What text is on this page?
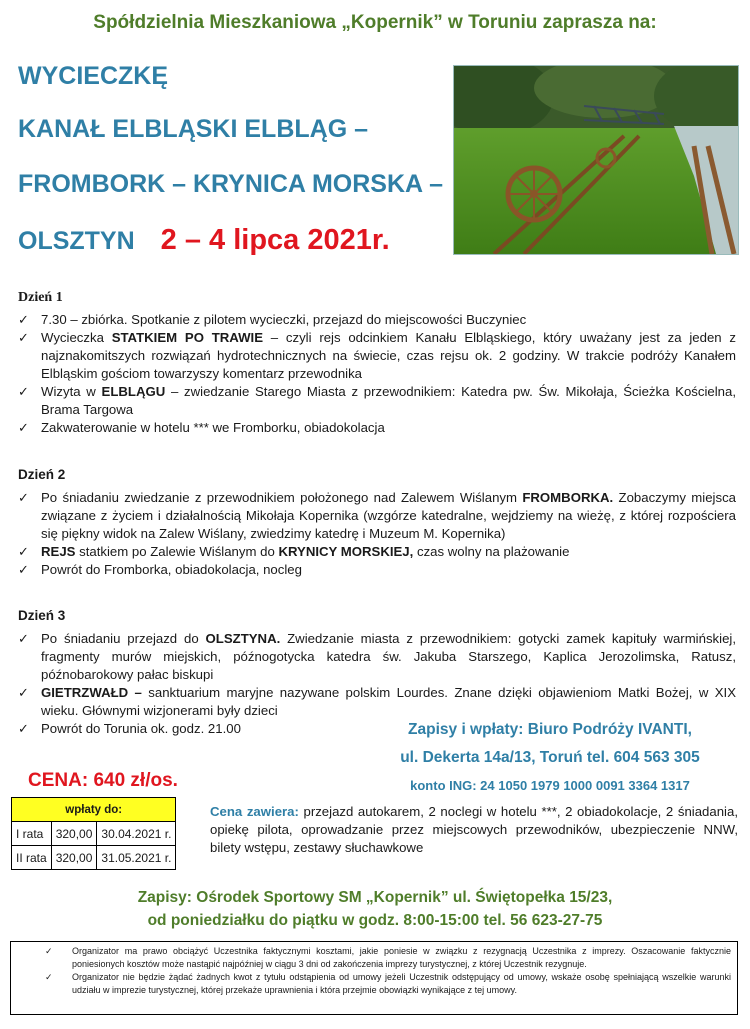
Spółdzielnia Mieszkaniowa „Kopernik” w Toruniu zaprasza na:
WYCIECZKĘ
KANAŁ ELBLĄSKI ELBLĄG –
FROMBORK – KRYNICA MORSKA –
OLSZTYN 2 – 4 lipca 2021r.
Dzień 1
✓ 7.30 – zbiórka. Spotkanie z pilotem wycieczki, przejazd do miejscowości Buczyniec
✓ Wycieczka STATKIEM PO TRAWIE – czyli rejs odcinkiem Kanału Elbląskiego, który uważany jest za jeden z najznakomitszych rozwiązań hydrotechnicznych na świecie, czas rejsu ok. 2 godziny. W trakcie podróży Kanałem Elbląskim gościom towarzyszy komentarz przewodnika
✓ Wizyta w ELBLĄGU – zwiedzanie Starego Miasta z przewodnikiem: Katedra pw. Św. Mikołaja, Ścieżka Kościelna, Brama Targowa
✓ Zakwaterowanie w hotelu *** we Fromborku, obiadokolacja
Dzień 2
✓ Po śniadaniu zwiedzanie z przewodnikiem położonego nad Zalewem Wiślanym FROMBORKA. Zobaczymy miejsca związane z życiem i działalnością Mikołaja Kopernika (wzgórze katedralne, wejdziemy na wieżę, z której rozpościera się piękny widok na Zalew Wiślany, zwiedzimy katedrę i Muzeum M. Kopernika)
✓ REJS statkiem po Zalewie Wiślanym do KRYNICY MORSKIEJ, czas wolny na plażowanie
✓ Powrót do Fromborka, obiadokolacja, nocleg
Dzień 3
✓ Po śniadaniu przejazd do OLSZTYNA. Zwiedzanie miasta z przewodnikiem: gotycki zamek kapituły warmińskiej, fragmenty murów miejskich, późnogotycka katedra św. Jakuba Starszego, Kaplica Jerozolimska, Ratusz, późnobarokowy pałac biskupi
✓ GIETRZWAŁD – sanktuarium maryjne nazywane polskim Lourdes. Znane dzięki objawieniom Matki Bożej, w XIX wieku. Głównymi wizjonerami były dzieci
✓ Powrót do Torunia ok. godz. 21.00	Zapisy i wpłaty: Biuro Podróży IVANTI,
ul. Dekerta 14a/13, Toruń tel. 604 563 305
konto ING: 24 1050 1979 1000 0091 3364 1317
CENA: 640 zł/os.
wpłaty do:		
I rata	320,00	30.04.2021 r.
II rata	320,00	31.05.2021 r.
Cena zawiera: przejazd autokarem, 2 noclegi w hotelu ***, 2 obiadokolacje, 2 śniadania, opiekę pilota, oprowadzanie przez miejscowych przewodników, ubezpieczenie NNW, bilety wstępu, zestawy słuchawkowe
Zapisy: Ośrodek Sportowy SM „Kopernik” ul. Świętopełka 15/23,
od poniedziałku do piątku w godz. 8:00-15:00 tel. 56 623-27-75
✓ Organizator ma prawo obciążyć Uczestnika faktycznymi kosztami, jakie poniesie w związku z rezygnacją Uczestnika z imprezy. Oszacowanie faktycznie poniesionych kosztów może nastąpić najpóźniej w ciągu 3 dni od zakończenia imprezy turystycznej, z której Uczestnik rezygnuje.
✓ Organizator nie będzie żądać żadnych kwot z tytułu odstąpienia od umowy jeżeli Uczestnik odstępujący od umowy, wskaże osobę spełniającą wszelkie warunki udziału w imprezie turystycznej, której przekaże uprawnienia i która przejmie obowiązki wynikające z tej umowy.
